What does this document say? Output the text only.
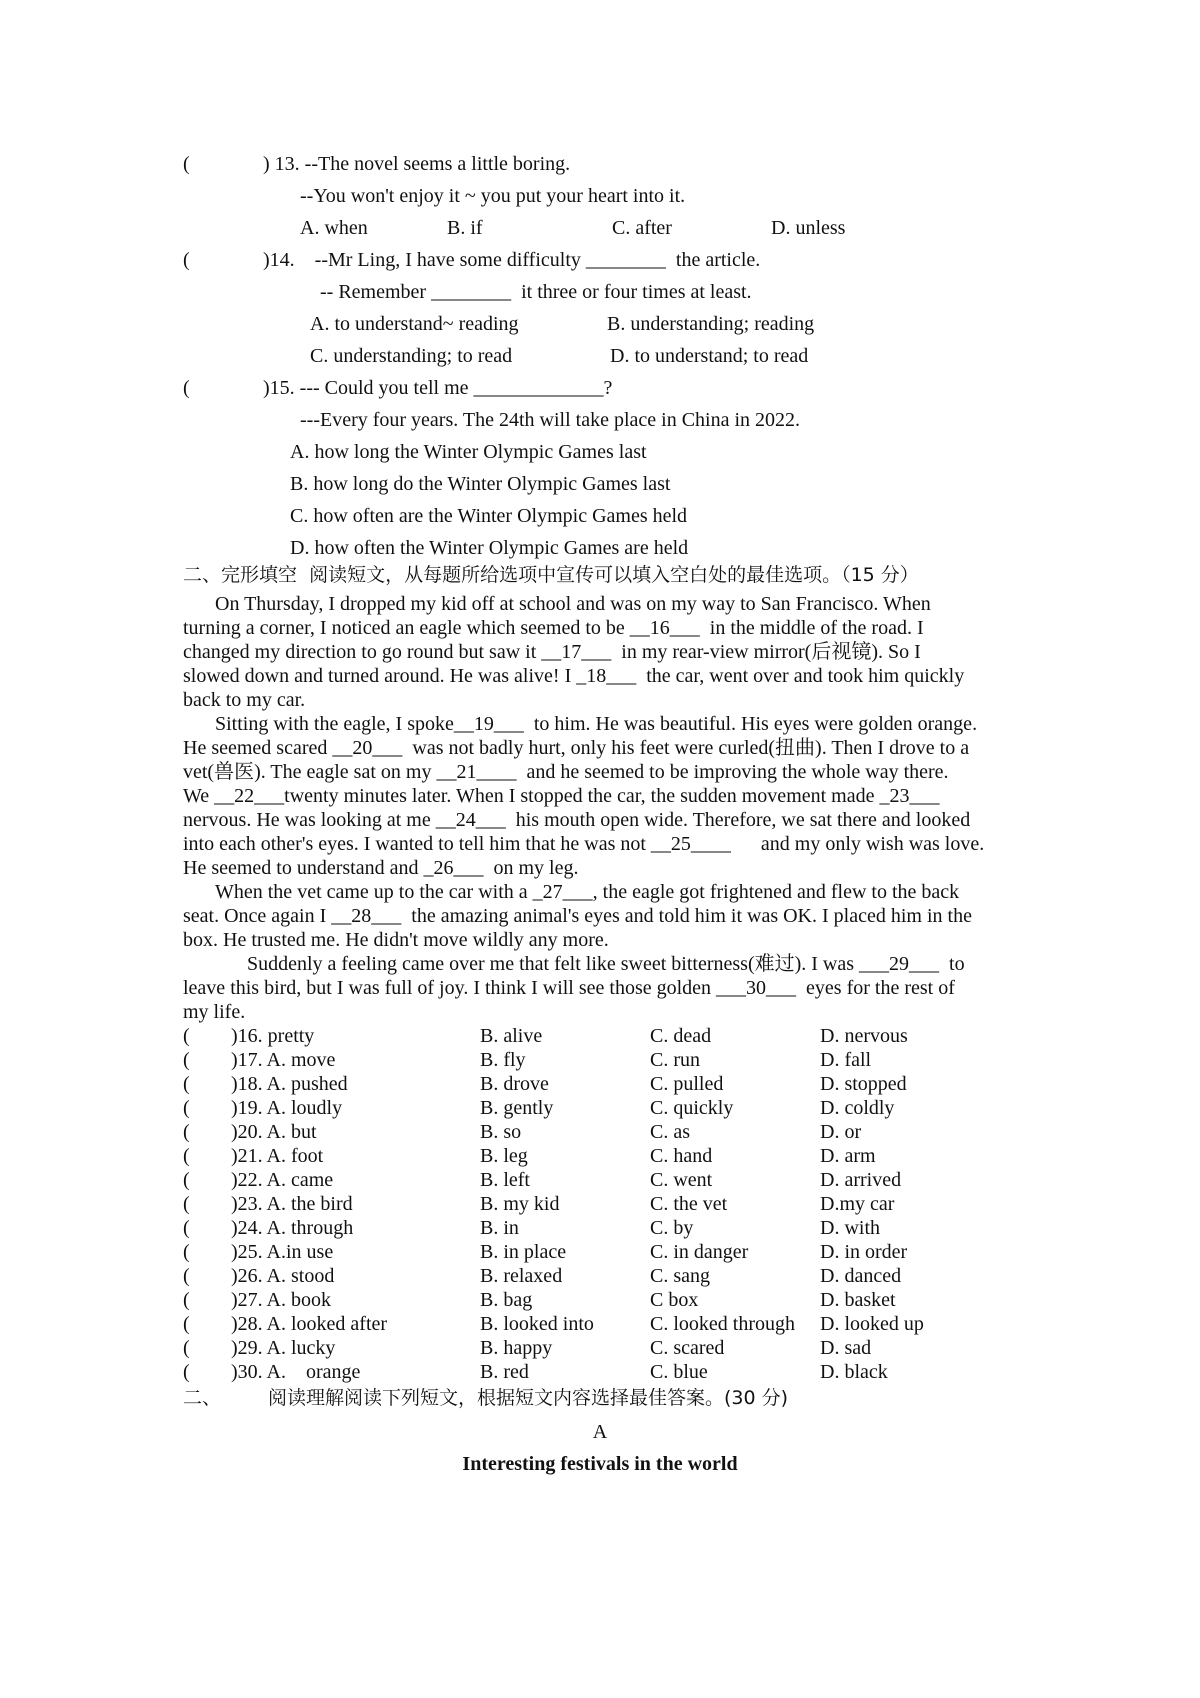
(	) 13. --The novel seems a little boring.
--You won't enjoy it ~ you put your heart into it.
A. when	B. if	C. after	D. unless
(	)14.    --Mr Ling, I have some difficulty ________  the article.
-- Remember ________  it three or four times at least.
A. to understand~ reading	B. understanding; reading
C. understanding; to read	D. to understand; to read
(	)15. --- Could you tell me _____________?
---Every four years. The 24th will take place in China in 2022.
A. how long the Winter Olympic Games last
B. how long do the Winter Olympic Games last
C. how often are the Winter Olympic Games held
D. how often the Winter Olympic Games are held
二、完形填空  阅读短文，从每题所给选项中宣传可以填入空白处的最佳选项。（15 分）
On Thursday, I dropped my kid off at school and was on my way to San Francisco. When
turning a corner, I noticed an eagle which seemed to be __16___  in the middle of the road. I
changed my direction to go round but saw it __17___  in my rear-view mirror(后视镜). So I
slowed down and turned around. He was alive! I _18___  the car, went over and took him quickly
back to my car.
Sitting with the eagle, I spoke__19___  to him. He was beautiful. His eyes were golden orange.
He seemed scared __20___  was not badly hurt, only his feet were curled(扭曲). Then I drove to a
vet(兽医). The eagle sat on my __21____  and he seemed to be improving the whole way there.
We __22___twenty minutes later. When I stopped the car, the sudden movement made _23___
nervous. He was looking at me __24___  his mouth open wide. Therefore, we sat there and looked
into each other's eyes. I wanted to tell him that he was not __25____      and my only wish was love.
He seemed to understand and _26___  on my leg.
When the vet came up to the car with a _27___, the eagle got frightened and flew to the back
seat. Once again I __28___  the amazing animal's eyes and told him it was OK. I placed him in the
box. He trusted me. He didn't move wildly any more.
Suddenly a feeling came over me that felt like sweet bitterness(难过). I was ___29___  to
leave this bird, but I was full of joy. I think I will see those golden ___30___  eyes for the rest of
my life.
( )16. pretty	B. alive	C. dead	D. nervous
( )17. A. move	B. fly	C. run	D. fall
( )18. A. pushed	B. drove	C. pulled	D. stopped
( )19. A. loudly	B. gently	C. quickly	D. coldly
( )20. A. but	B. so	C. as	D. or
( )21. A. foot	B. leg	C. hand	D. arm
( )22. A. came	B. left	C. went	D. arrived
( )23. A. the bird	B. my kid	C. the vet	D.my car
( )24. A. through	B. in	C. by	D. with
( )25. A.in use	B. in place	C. in danger	D. in order
( )26. A. stood	B. relaxed	C. sang	D. danced
( )27. A. book	B. bag	C box	D. basket
( )28. A. looked after	B. looked into	C. looked through D. looked up
( )29. A. lucky	B. happy	C. scared	D. sad
( )30. A.    orange	B. red	C. blue	D. black
二、 阅读理解阅读下列短文，根据短文内容选择最佳答案。(30 分)
A
Interesting festivals in the world
